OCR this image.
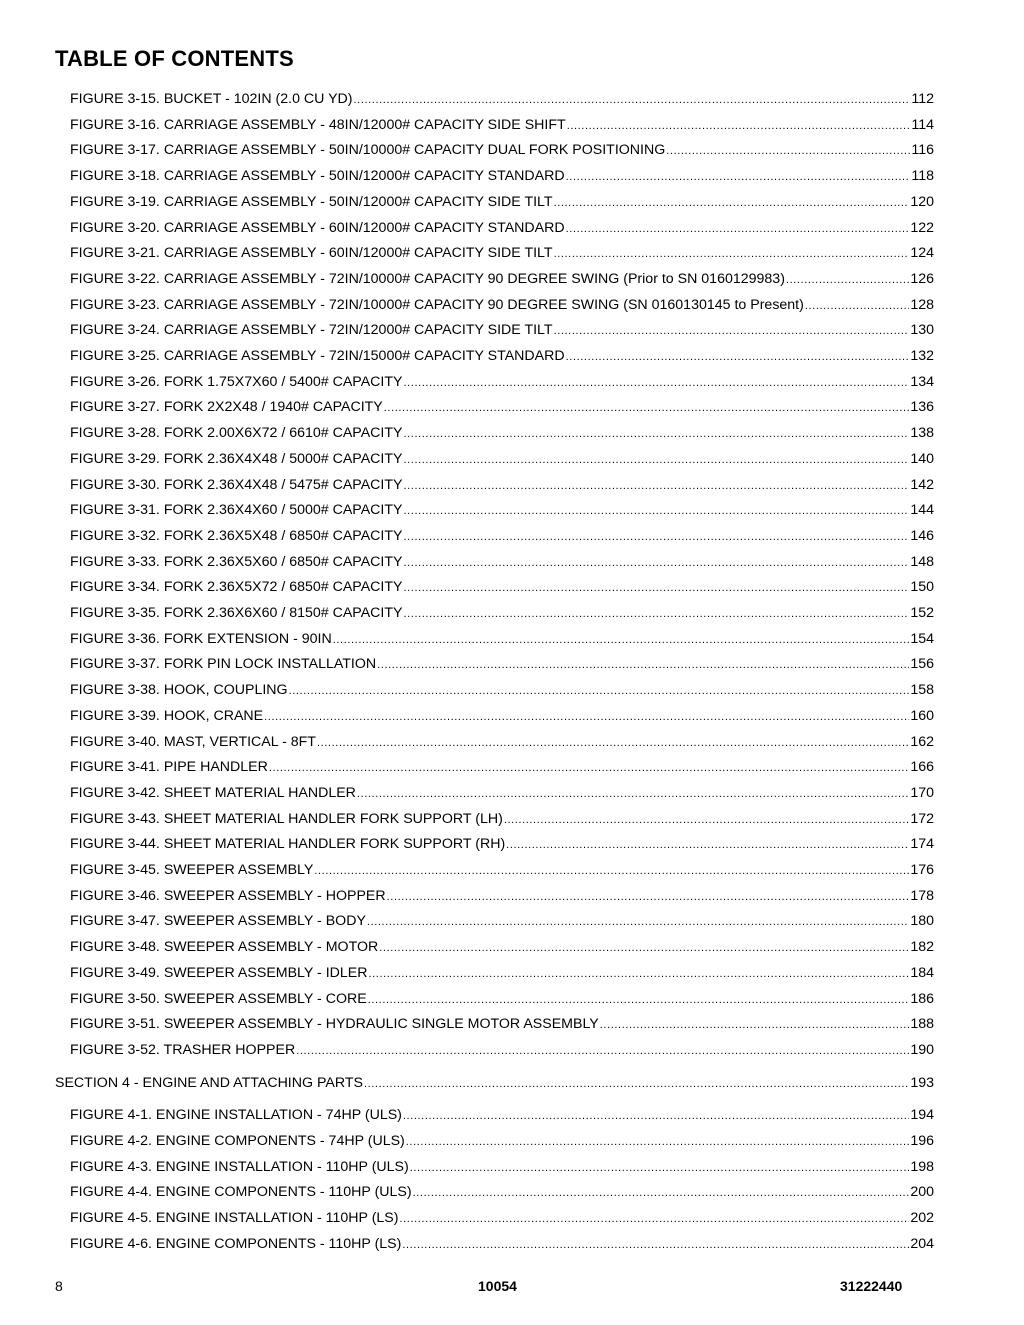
TABLE OF CONTENTS
FIGURE 3-15. BUCKET - 102IN (2.0 CU YD) .....	112
FIGURE 3-16. CARRIAGE ASSEMBLY - 48IN/12000# CAPACITY SIDE SHIFT .....	114
FIGURE 3-17. CARRIAGE ASSEMBLY - 50IN/10000# CAPACITY DUAL FORK POSITIONING .....	116
FIGURE 3-18. CARRIAGE ASSEMBLY - 50IN/12000# CAPACITY STANDARD .....	118
FIGURE 3-19. CARRIAGE ASSEMBLY - 50IN/12000# CAPACITY SIDE TILT .....	120
FIGURE 3-20. CARRIAGE ASSEMBLY - 60IN/12000# CAPACITY STANDARD .....	122
FIGURE 3-21. CARRIAGE ASSEMBLY - 60IN/12000# CAPACITY SIDE TILT .....	124
FIGURE 3-22. CARRIAGE ASSEMBLY - 72IN/10000# CAPACITY 90 DEGREE SWING (Prior to SN 0160129983) .....	126
FIGURE 3-23. CARRIAGE ASSEMBLY - 72IN/10000# CAPACITY 90 DEGREE SWING (SN 0160130145 to Present) .....	128
FIGURE 3-24. CARRIAGE ASSEMBLY - 72IN/12000# CAPACITY SIDE TILT .....	130
FIGURE 3-25. CARRIAGE ASSEMBLY - 72IN/15000# CAPACITY STANDARD .....	132
FIGURE 3-26. FORK 1.75X7X60 / 5400# CAPACITY .....	134
FIGURE 3-27. FORK 2X2X48 / 1940# CAPACITY .....	136
FIGURE 3-28. FORK 2.00X6X72 / 6610# CAPACITY .....	138
FIGURE 3-29. FORK 2.36X4X48 / 5000# CAPACITY .....	140
FIGURE 3-30. FORK 2.36X4X48 / 5475# CAPACITY .....	142
FIGURE 3-31. FORK 2.36X4X60 / 5000# CAPACITY .....	144
FIGURE 3-32. FORK 2.36X5X48 / 6850# CAPACITY .....	146
FIGURE 3-33. FORK 2.36X5X60 / 6850# CAPACITY .....	148
FIGURE 3-34. FORK 2.36X5X72 / 6850# CAPACITY .....	150
FIGURE 3-35. FORK 2.36X6X60 / 8150# CAPACITY .....	152
FIGURE 3-36. FORK EXTENSION - 90IN .....	154
FIGURE 3-37. FORK PIN LOCK INSTALLATION .....	156
FIGURE 3-38. HOOK, COUPLING .....	158
FIGURE 3-39. HOOK, CRANE .....	160
FIGURE 3-40. MAST, VERTICAL - 8FT .....	162
FIGURE 3-41. PIPE HANDLER .....	166
FIGURE 3-42. SHEET MATERIAL HANDLER .....	170
FIGURE 3-43. SHEET MATERIAL HANDLER FORK SUPPORT (LH) .....	172
FIGURE 3-44. SHEET MATERIAL HANDLER FORK SUPPORT (RH) .....	174
FIGURE 3-45. SWEEPER ASSEMBLY .....	176
FIGURE 3-46. SWEEPER ASSEMBLY - HOPPER .....	178
FIGURE 3-47. SWEEPER ASSEMBLY - BODY .....	180
FIGURE 3-48. SWEEPER ASSEMBLY - MOTOR .....	182
FIGURE 3-49. SWEEPER ASSEMBLY - IDLER .....	184
FIGURE 3-50. SWEEPER ASSEMBLY - CORE .....	186
FIGURE 3-51. SWEEPER ASSEMBLY - HYDRAULIC SINGLE MOTOR ASSEMBLY .....	188
FIGURE 3-52. TRASHER HOPPER .....	190
SECTION 4 - ENGINE AND ATTACHING PARTS .....	193
FIGURE 4-1. ENGINE INSTALLATION - 74HP (ULS) .....	194
FIGURE 4-2. ENGINE COMPONENTS - 74HP (ULS) .....	196
FIGURE 4-3. ENGINE INSTALLATION - 110HP (ULS) .....	198
FIGURE 4-4. ENGINE COMPONENTS - 110HP (ULS) .....	200
FIGURE 4-5. ENGINE INSTALLATION - 110HP (LS) .....	202
FIGURE 4-6. ENGINE COMPONENTS - 110HP (LS) .....	204
8	10054	31222440
